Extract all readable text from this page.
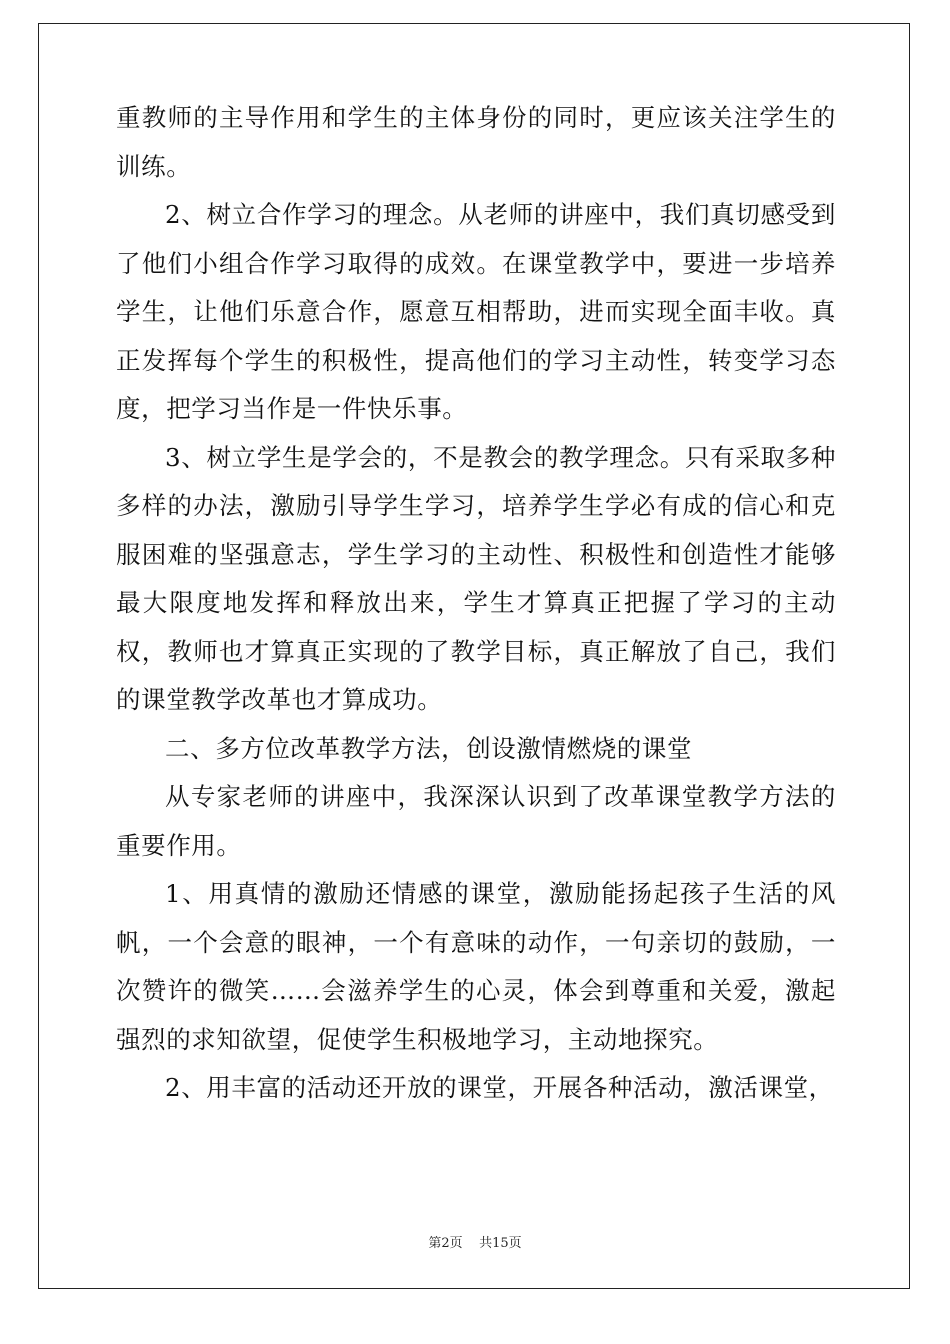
重教师的主导作用和学生的主体身份的同时，更应该关注学生的训练。

2、树立合作学习的理念。从老师的讲座中，我们真切感受到了他们小组合作学习取得的成效。在课堂教学中，要进一步培养学生，让他们乐意合作，愿意互相帮助，进而实现全面丰收。真正发挥每个学生的积极性，提高他们的学习主动性，转变学习态度，把学习当作是一件快乐事。

3、树立学生是学会的，不是教会的教学理念。只有采取多种多样的办法，激励引导学生学习，培养学生学必有成的信心和克服困难的坚强意志，学生学习的主动性、积极性和创造性才能够最大限度地发挥和释放出来，学生才算真正把握了学习的主动权，教师也才算真正实现的了教学目标，真正解放了自己，我们的课堂教学改革也才算成功。

二、多方位改革教学方法，创设激情燃烧的课堂

从专家老师的讲座中，我深深认识到了改革课堂教学方法的重要作用。

1、用真情的激励还情感的课堂，激励能扬起孩子生活的风帆，一个会意的眼神，一个有意味的动作，一句亲切的鼓励，一次赞许的微笑……会滋养学生的心灵，体会到尊重和关爱，激起强烈的求知欲望，促使学生积极地学习，主动地探究。

2、用丰富的活动还开放的课堂，开展各种活动，激活课堂，

第2页 共15页
